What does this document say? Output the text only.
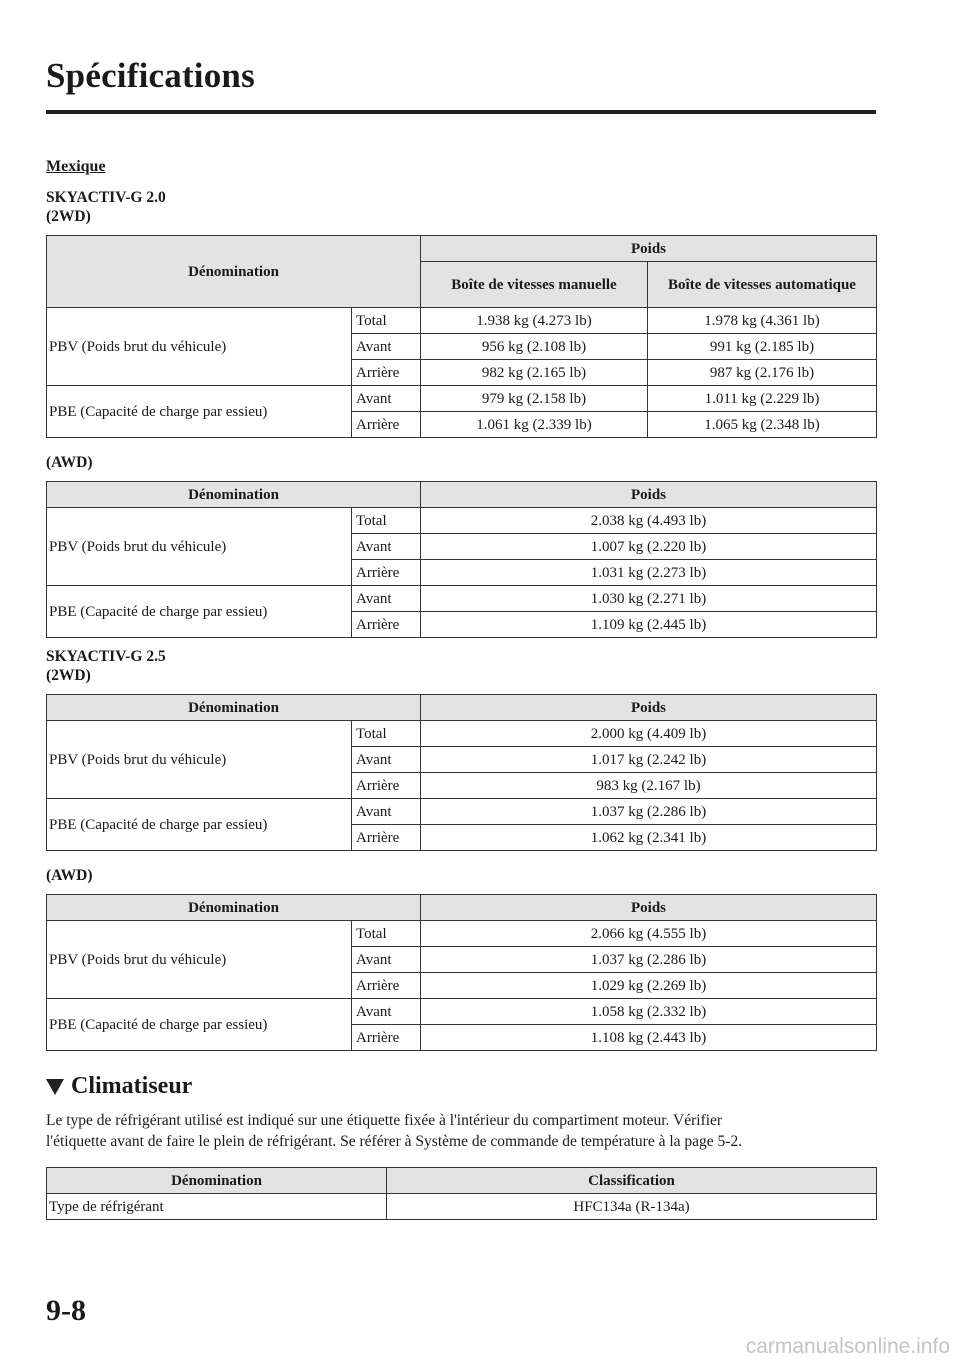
Spécifications

Mexique

SKYACTIV-G 2.0

(2WD)

Dénomination		Poids	
		Boîte de vitesses manuelle	Boîte de vitesses automatique
PBV (Poids brut du véhicule)	Total	1.938 kg (4.273 lb)	1.978 kg (4.361 lb)
	Avant	956 kg (2.108 lb)	991 kg (2.185 lb)
	Arrière	982 kg (2.165 lb)	987 kg (2.176 lb)
PBE (Capacité de charge par essieu)	Avant	979 kg (2.158 lb)	1.011 kg (2.229 lb)
	Arrière	1.061 kg (2.339 lb)	1.065 kg (2.348 lb)

(AWD)

Dénomination		Poids
PBV (Poids brut du véhicule)	Total	2.038 kg (4.493 lb)
	Avant	1.007 kg (2.220 lb)
	Arrière	1.031 kg (2.273 lb)
PBE (Capacité de charge par essieu)	Avant	1.030 kg (2.271 lb)
	Arrière	1.109 kg (2.445 lb)

SKYACTIV-G 2.5

(2WD)

Dénomination		Poids
PBV (Poids brut du véhicule)	Total	2.000 kg (4.409 lb)
	Avant	1.017 kg (2.242 lb)
	Arrière	983 kg (2.167 lb)
PBE (Capacité de charge par essieu)	Avant	1.037 kg (2.286 lb)
	Arrière	1.062 kg (2.341 lb)

(AWD)

Dénomination		Poids
PBV (Poids brut du véhicule)	Total	2.066 kg (4.555 lb)
	Avant	1.037 kg (2.286 lb)
	Arrière	1.029 kg (2.269 lb)
PBE (Capacité de charge par essieu)	Avant	1.058 kg (2.332 lb)
	Arrière	1.108 kg (2.443 lb)
Climatiseur

Le type de réfrigérant utilisé est indiqué sur une étiquette fixée à l'intérieur du compartiment moteur. Vérifier
l'étiquette avant de faire le plein de réfrigérant. Se référer à Système de commande de température à la page 5-2.

Dénomination	Classification
Type de réfrigérant	HFC134a (R-134a)

9-8

carmanualsonline.info
